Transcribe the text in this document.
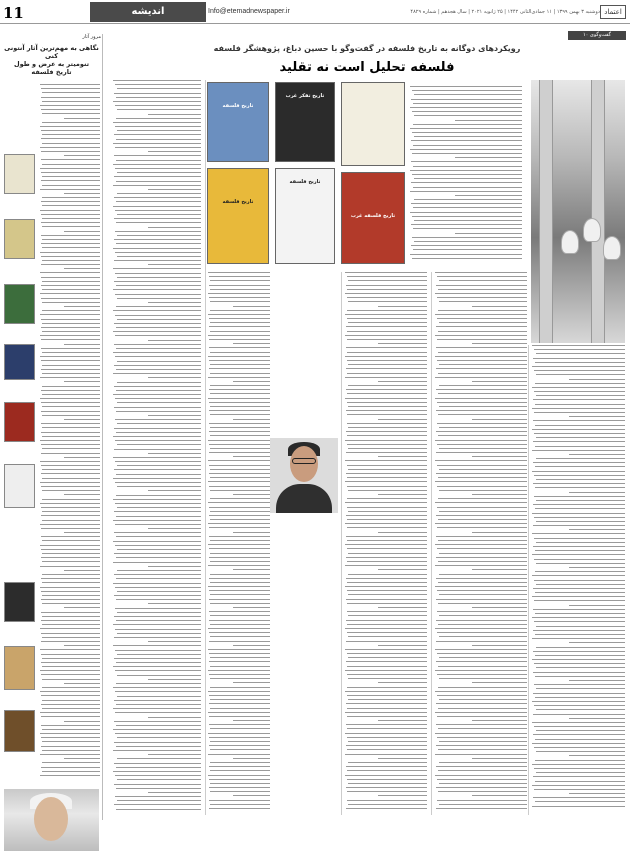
11	اندیشه	Info@etemadnewspaper.ir	دوشنبه ۳ بهمن ۱۳۹۹ | ۱۱ جمادی‌الثانی ۱۴۴۲ | ۲۵ ژانویه ۲۰۲۱ | سال هجدهم | شماره ۴۸۲۹ اعتماد
مرور آثار
نگاهی به مهم‌ترین آثار آنتونی کنی
تنومیتر به عرض و طول
تاریخ فلسفه
گفت‌وگوی ۱۰
رویکردهای دوگانه به تاریخ فلسفه در گفت‌وگو با حسین دباغ، پژوهشگر فلسفه
فلسفه تحلیل است نه تقلید
تاریخ فلسفه
تاریخ تفکر غرب
تاریخ فلسفه
تاریخ فلسفه
تاریخ فلسفه غرب
